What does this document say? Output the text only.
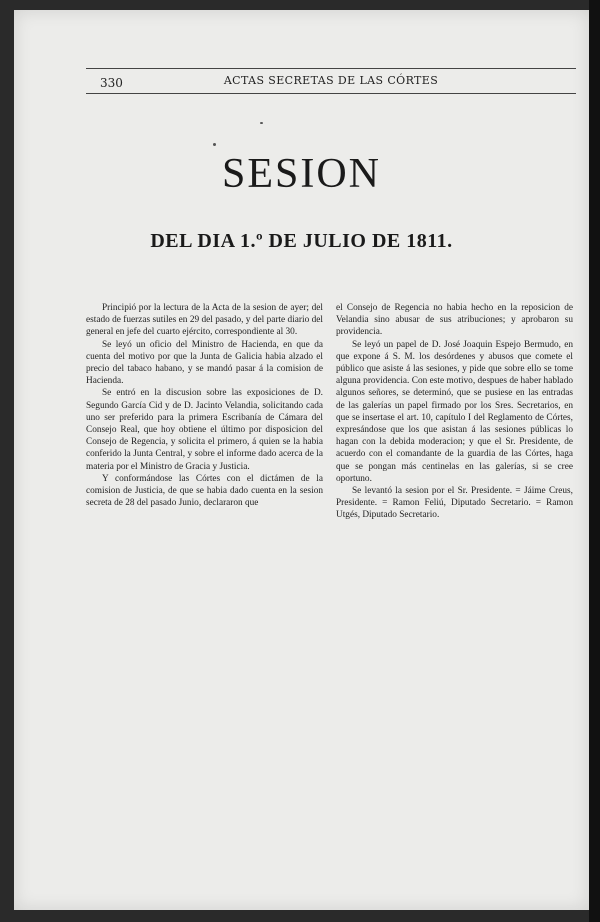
330	ACTAS SECRETAS DE LAS CÓRTES
SESION
DEL DIA 1.º DE JULIO DE 1811.

Principió por la lectura de la Acta de la sesion de ayer; del estado de fuerzas sutiles en 29 del pasado, y del parte diario del general en jefe del cuarto ejército, correspondiente al 30.

Se leyó un oficio del Ministro de Hacienda, en que da cuenta del motivo por que la Junta de Galicia habia alzado el precio del tabaco habano, y se mandó pasar á la comision de Hacienda.

Se entró en la discusion sobre las exposiciones de D. Segundo García Cid y de D. Jacinto Velandia, solicitando cada uno ser preferido para la primera Escribanía de Cámara del Consejo Real, que hoy obtiene el último por disposicion del Consejo de Regencia, y solicita el primero, á quien se la habia conferido la Junta Central, y sobre el informe dado acerca de la materia por el Ministro de Gracia y Justicia.

Y conformándose las Córtes con el dictámen de la comision de Justicia, de que se habia dado cuenta en la sesion secreta de 28 del pasado Junio, declararon que

el Consejo de Regencia no habia hecho en la reposicion de Velandia sino abusar de sus atribuciones; y aprobaron su providencia.

Se leyó un papel de D. José Joaquin Espejo Bermudo, en que expone á S. M. los desórdenes y abusos que comete el público que asiste á las sesiones, y pide que sobre ello se tome alguna providencia. Con este motivo, despues de haber hablado algunos señores, se determinó, que se pusiese en las entradas de las galerías un papel firmado por los Sres. Secretarios, en que se insertase el art. 10, capítulo I del Reglamento de Córtes, expresándose que los que asistan á las sesiones públicas lo hagan con la debida moderacion; y que el Sr. Presidente, de acuerdo con el comandante de la guardia de las Córtes, haga que se pongan más centinelas en las galerías, si se cree oportuno.

Se levantó la sesion por el Sr. Presidente. = Jáime Creus, Presidente. = Ramon Feliú, Diputado Secretario. = Ramon Utgés, Diputado Secretario.
